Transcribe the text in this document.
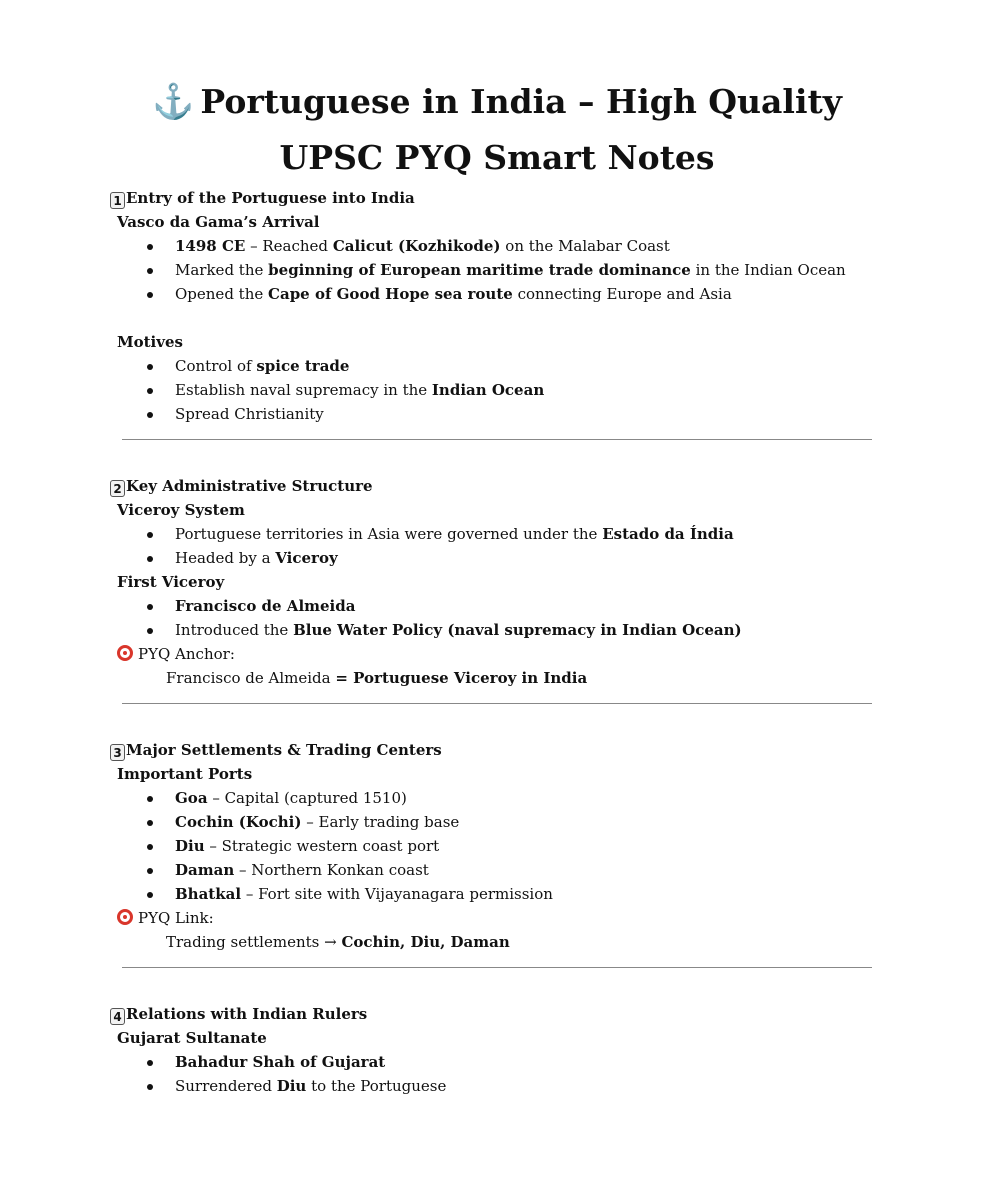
⚓ Portuguese in India – High Quality
UPSC PYQ Smart Notes
1 Entry of the Portuguese into India
Vasco da Gama’s Arrival
1498 CE – Reached Calicut (Kozhikode) on the Malabar Coast
Marked the beginning of European maritime trade dominance in the Indian Ocean
Opened the Cape of Good Hope sea route connecting Europe and Asia
Motives
Control of spice trade
Establish naval supremacy in the Indian Ocean
Spread Christianity
2 Key Administrative Structure
Viceroy System
Portuguese territories in Asia were governed under the Estado da Índia
Headed by a Viceroy
First Viceroy
Francisco de Almeida
Introduced the Blue Water Policy (naval supremacy in Indian Ocean)
PYQ Anchor:
Francisco de Almeida = Portuguese Viceroy in India
3 Major Settlements & Trading Centers
Important Ports
Goa – Capital (captured 1510)
Cochin (Kochi) – Early trading base
Diu – Strategic western coast port
Daman – Northern Konkan coast
Bhatkal – Fort site with Vijayanagara permission
PYQ Link:
Trading settlements → Cochin, Diu, Daman
4 Relations with Indian Rulers
Gujarat Sultanate
Bahadur Shah of Gujarat
Surrendered Diu to the Portuguese
